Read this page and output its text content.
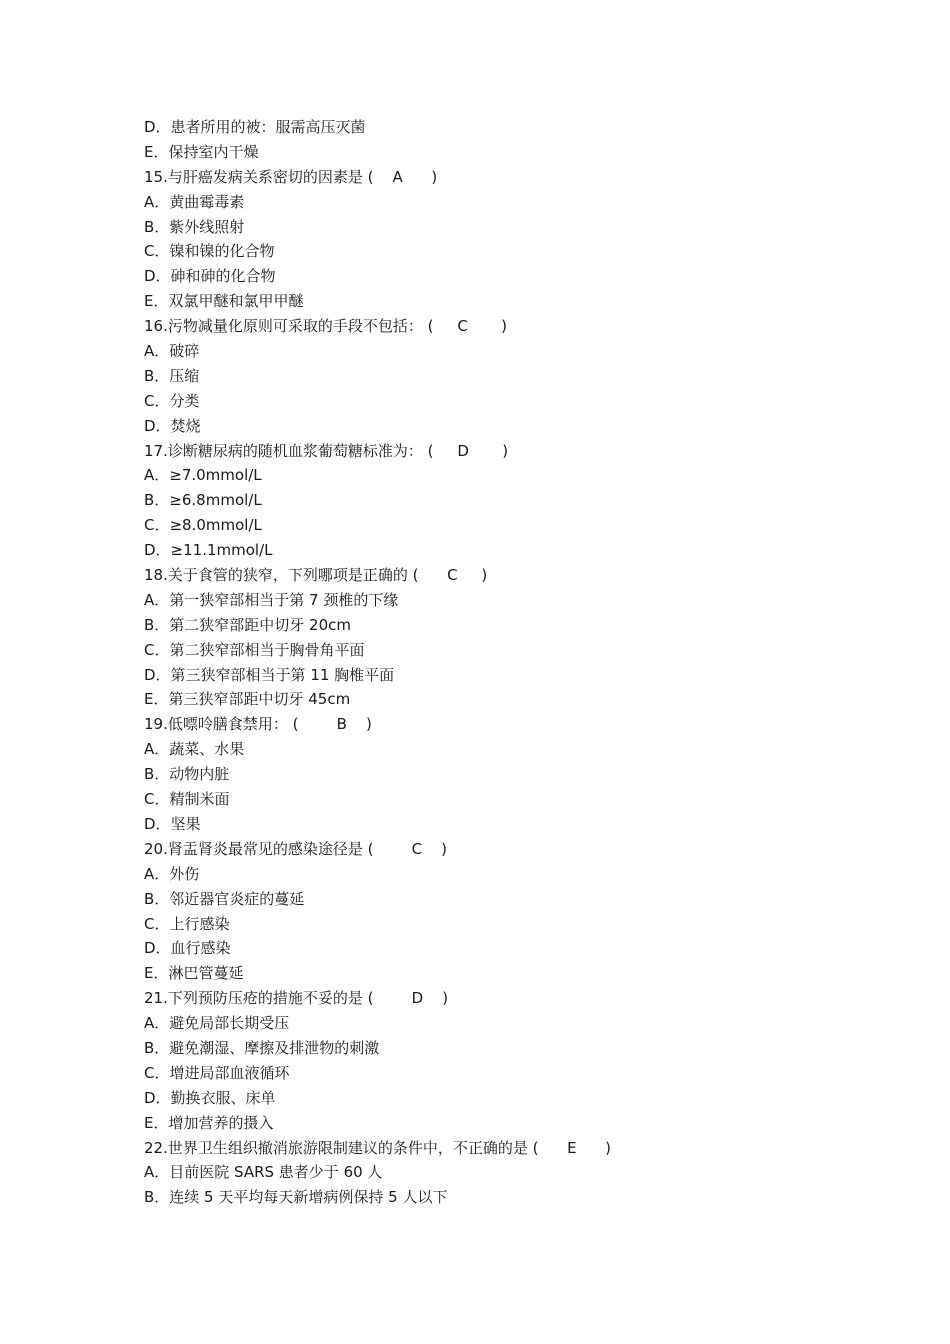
D．患者所用的被：服需高压灭菌
E．保持室内干燥
15.与肝癌发病关系密切的因素是 (    A      )
A．黄曲霉毒素
B．紫外线照射
C．镍和镍的化合物
D．砷和砷的化合物
E．双氯甲醚和氯甲甲醚
16.污物减量化原则可采取的手段不包括： (     C       )
A．破碎
B．压缩
C．分类
D．焚烧
17.诊断糖尿病的随机血浆葡萄糖标准为： (     D       )
A．≥7.0mmol/L
B．≥6.8mmol/L
C．≥8.0mmol/L
D．≥11.1mmol/L
18.关于食管的狭窄，下列哪项是正确的 (      C     )
A．第一狭窄部相当于第 7 颈椎的下缘
B．第二狭窄部距中切牙 20cm
C．第二狭窄部相当于胸骨角平面
D．第三狭窄部相当于第 11 胸椎平面
E．第三狭窄部距中切牙 45cm
19.低嘌呤膳食禁用： (        B    )
A．蔬菜、水果
B．动物内脏
C．精制米面
D．坚果
20.肾盂肾炎最常见的感染途径是 (        C    )
A．外伤
B．邻近器官炎症的蔓延
C．上行感染
D．血行感染
E．淋巴管蔓延
21.下列预防压疮的措施不妥的是 (        D    )
A．避免局部长期受压
B．避免潮湿、摩擦及排泄物的刺激
C．增进局部血液循环
D．勤换衣服、床单
E．增加营养的摄入
22.世界卫生组织撤消旅游限制建议的条件中，不正确的是 (      E      )
A．目前医院 SARS 患者少于 60 人
B．连续 5 天平均每天新增病例保持 5 人以下
